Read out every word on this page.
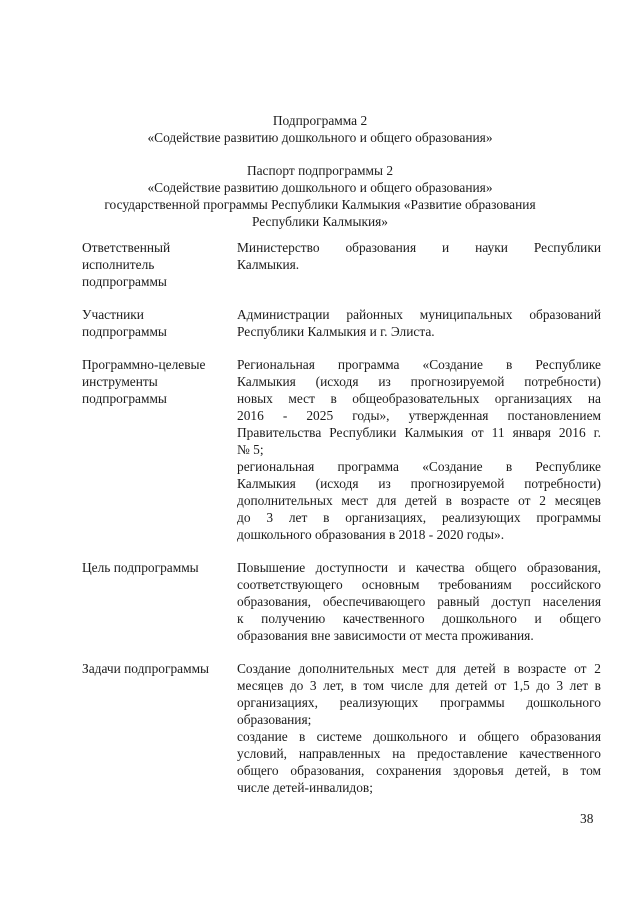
Подпрограмма 2
«Содействие развитию дошкольного и общего образования»
Паспорт подпрограммы 2
«Содействие развитию дошкольного и общего образования»
государственной программы Республики Калмыкия «Развитие образования
Республики Калмыкия»
Ответственный
исполнитель
подпрограммы
Министерство образования и науки Республики
Калмыкия.
Участники
подпрограммы
Администрации районных муниципальных образований
Республики Калмыкия и г. Элиста.
Программно-целевые
инструменты
подпрограммы
Региональная программа «Создание в Республике
Калмыкия (исходя из прогнозируемой потребности)
новых мест в общеобразовательных организациях на
2016 - 2025 годы», утвержденная постановлением
Правительства Республики Калмыкия от 11 января 2016 г.
№ 5;
региональная программа «Создание в Республике
Калмыкия (исходя из прогнозируемой потребности)
дополнительных мест для детей в возрасте от 2 месяцев
до 3 лет в организациях, реализующих программы
дошкольного образования в 2018 - 2020 годы».
Цель подпрограммы	Повышение доступности и качества общего образования,
соответствующего основным требованиям российского
образования, обеспечивающего равный доступ населения
к получению качественного дошкольного и общего
образования вне зависимости от места проживания.
Задачи подпрограммы	Создание дополнительных мест для детей в возрасте от 2
месяцев до 3 лет, в том числе для детей от 1,5 до 3 лет в
организациях, реализующих программы дошкольного
образования;
создание в системе дошкольного и общего образования
условий, направленных на предоставление качественного
общего образования, сохранения здоровья детей, в том
числе детей-инвалидов;
38
